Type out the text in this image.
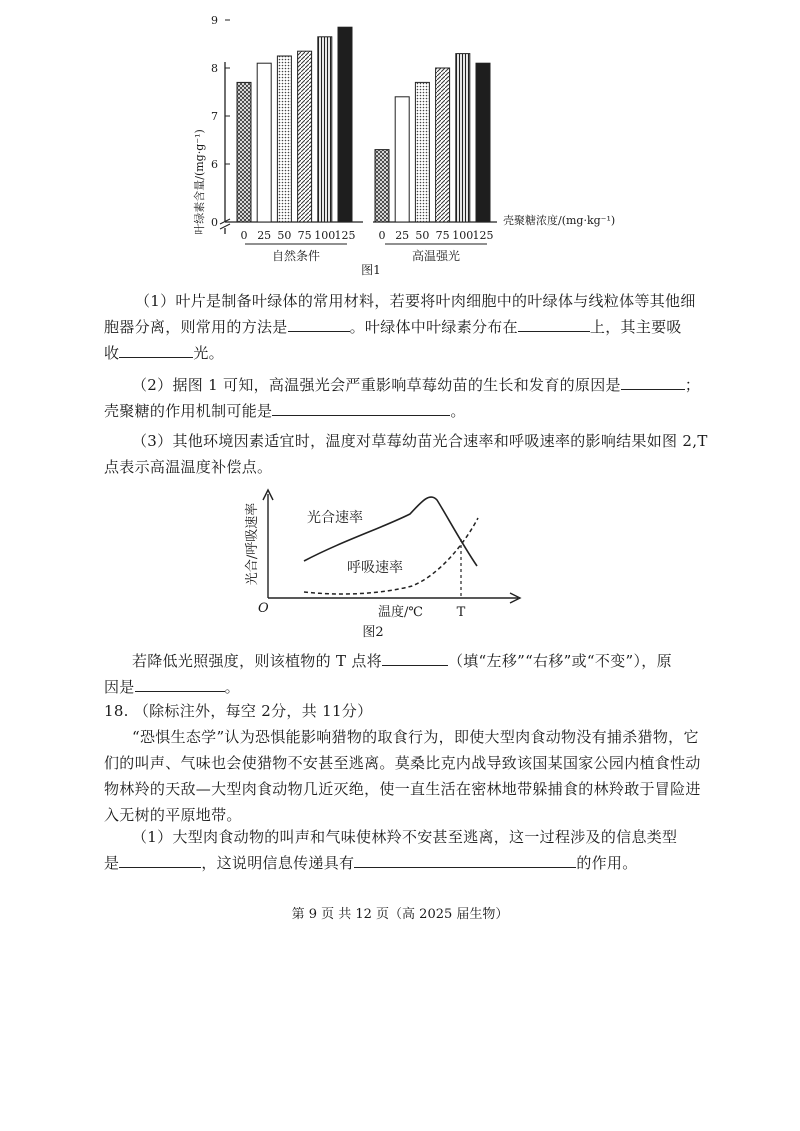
叶绿素含量/(mg·g⁻¹) 0
6
7
8
9
0 25 50 75 100 125 0 25 50 75 100 125
壳聚糖浓度/(mg·kg⁻¹)
自然条件	高温强光
图1
（1）叶片是制备叶绿体的常用材料，若要将叶肉细胞中的叶绿体与线粒体等其他细
胞器分离，则常用的方法是	。叶绿体中叶绿素分布在	上，其主要吸
收	光。
（2）据图 1 可知，高温强光会严重影响草莓幼苗的生长和发育的原因是	；
壳聚糖的作用机制可能是	。
（3）其他环境因素适宜时，温度对草莓幼苗光合速率和呼吸速率的影响结果如图 2,T
点表示高温温度补偿点。
光合/呼吸速率
O
光合速率
呼吸速率
温度/℃	T
图2
若降低光照强度，则该植物的 T 点将	（填“左移”“右移”或“不变”），原
因是	。
18. （除标注外，每空 2分，共 11分）
“恐惧生态学”认为恐惧能影响猎物的取食行为，即使大型肉食动物没有捕杀猎物，它
们的叫声、气味也会使猎物不安甚至逃离。莫桑比克内战导致该国某国家公园内植食性动
物林羚的天敌—大型肉食动物几近灭绝，使一直生活在密林地带躲捕食的林羚敢于冒险进
入无树的平原地带。
（1）大型肉食动物的叫声和气味使林羚不安甚至逃离，这一过程涉及的信息类型
是	，这说明信息传递具有	的作用。
第 9 页 共 12 页（高 2025 届生物）
